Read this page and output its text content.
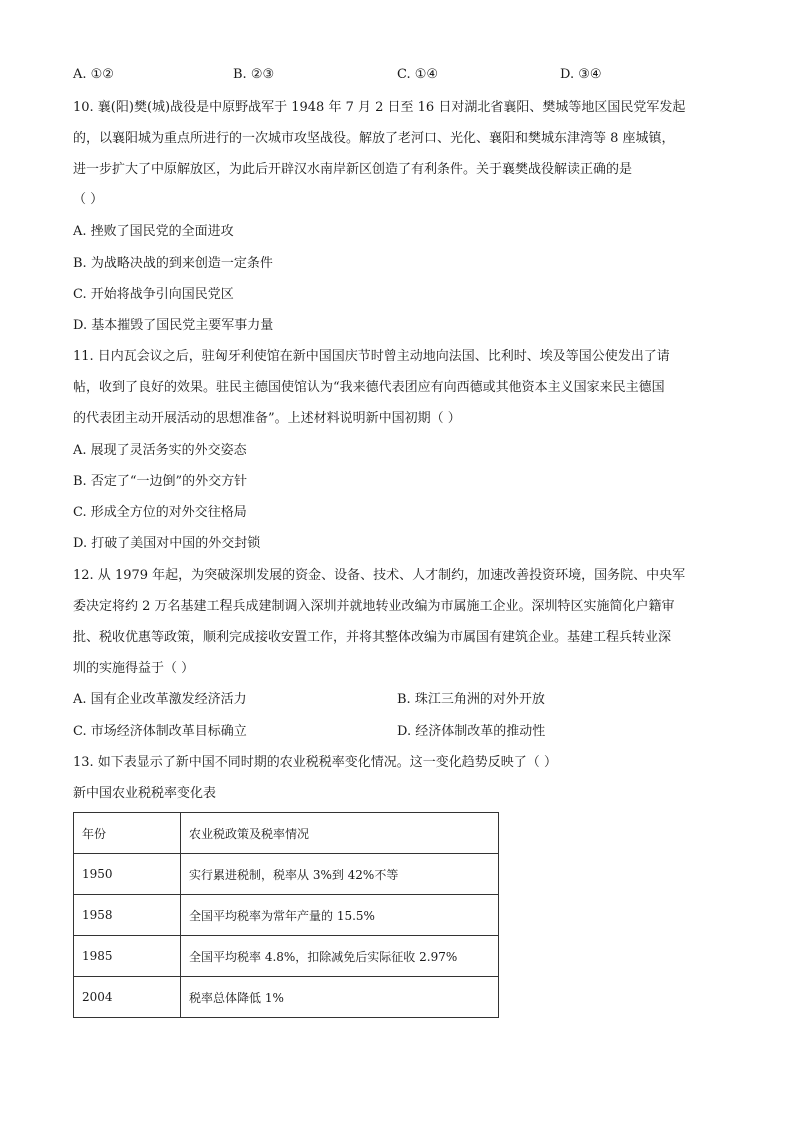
A. ①②	B. ②③	C. ①④	D. ③④
10. 襄(阳)樊(城)战役是中原野战军于 1948 年 7 月 2 日至 16 日对湖北省襄阳、樊城等地区国民党军发起
的，以襄阳城为重点所进行的一次城市攻坚战役。解放了老河口、光化、襄阳和樊城东津湾等 8 座城镇，
进一步扩大了中原解放区，为此后开辟汉水南岸新区创造了有利条件。关于襄樊战役解读正确的是
（ ）
A. 挫败了国民党的全面进攻
B. 为战略决战的到来创造一定条件
C. 开始将战争引向国民党区
D. 基本摧毁了国民党主要军事力量
11. 日内瓦会议之后，驻匈牙利使馆在新中国国庆节时曾主动地向法国、比利时、埃及等国公使发出了请
帖，收到了良好的效果。驻民主德国使馆认为“我来德代表团应有向西德或其他资本主义国家来民主德国
的代表团主动开展活动的思想准备”。上述材料说明新中国初期（ ）
A. 展现了灵活务实的外交姿态
B. 否定了“一边倒”的外交方针
C. 形成全方位的对外交往格局
D. 打破了美国对中国的外交封锁
12. 从 1979 年起，为突破深圳发展的资金、设备、技术、人才制约，加速改善投资环境，国务院、中央军
委决定将约 2 万名基建工程兵成建制调入深圳并就地转业改编为市属施工企业。深圳特区实施简化户籍审
批、税收优惠等政策，顺利完成接收安置工作，并将其整体改编为市属国有建筑企业。基建工程兵转业深
圳的实施得益于（ ）
A. 国有企业改革激发经济活力	B. 珠江三角洲的对外开放
C. 市场经济体制改革目标确立	D. 经济体制改革的推动性
13. 如下表显示了新中国不同时期的农业税税率变化情况。这一变化趋势反映了（ ）
新中国农业税税率变化表
年份	农业税政策及税率情况
1950	实行累进税制，税率从 3%到 42%不等
1958	全国平均税率为常年产量的 15.5%
1985	全国平均税率 4.8%，扣除减免后实际征收 2.97%
2004	税率总体降低 1%
